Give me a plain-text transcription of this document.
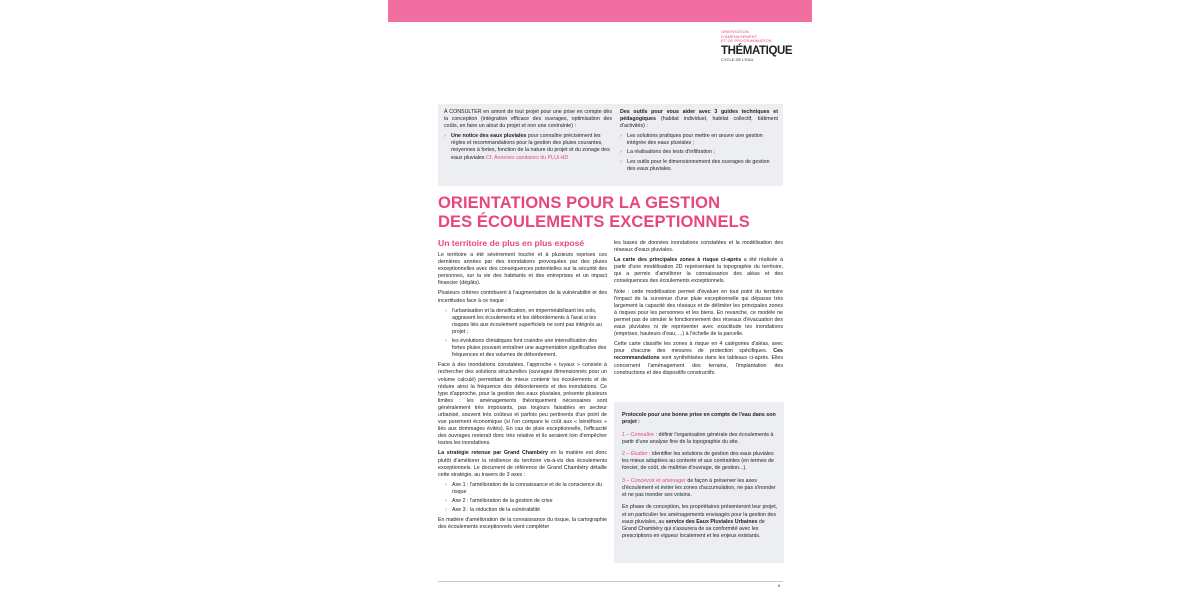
ORIENTATION D'AMÉNAGEMENT
ET DE PROGRAMMATION
THÉMATIQUE
CYCLE DE L'EAU

À CONSULTER en amont de tout projet pour une prise en compte dès la conception (intégration efficace des ouvrages, optimisation des coûts, en faire un atout du projet et non une contrainte) :

› Une notice des eaux pluviales pour connaître précisément les règles et recommandations pour la gestion des pluies courantes, moyennes à fortes, fonction de la nature du projet et du zonage des eaux pluviales Cf. Annexes sanitaires du PLUi HD

Des outils pour vous aider avec 3 guides techniques et pédagogiques (habitat individuel, habitat collectif, bâtiment d'activités) :

› Les solutions pratiques pour mettre en œuvre une gestion intégrée des eaux pluviales ;
› La réalisations des tests d'infiltration ;
› Les outils pour le dimensionnement des ouvrages de gestion des eaux pluviales.
ORIENTATIONS POUR LA GESTION
DES ÉCOULEMENTS EXCEPTIONNELS
Un territoire de plus en plus exposé

Le territoire a été sévèrement touché et à plusieurs reprises ces dernières années par des inondations provoquées par des pluies exceptionnelles avec des conséquences potentielles sur la sécurité des personnes, sur la vie des habitants et des entreprises et un impact financier (dégâts).

Plusieurs critères contribuent à l'augmentation de la vulnérabilité et des incertitudes face à ce risque :

› l'urbanisation et la densification, en imperméabilisant les sols, aggravent les écoulements et les débordements à l'aval si les risques liés aux écoulement superficiels ne sont pas intégrés au projet ;
› les évolutions climatiques font craindre une intensification des fortes pluies pouvant entraîner une augmentation significative des fréquences et des volumes de débordement.

Face à des inondations constatées, l'approche « tuyaux » consiste à rechercher des solutions structurelles (ouvrages dimensionnés pour un volume calculé) permettant de mieux contenir les écoulements et de réduire ainsi la fréquence des débordements et des inondations. Ce type d'approche, pour la gestion des eaux pluviales, présente plusieurs limites : les aménagements théoriquement nécessaires sont généralement très imposants, pas toujours faisables en secteur urbanisé, souvent très coûteux et parfois peu pertinents d'un point de vue purement économique (si l'on compare le coût aux « bénéfices » liés aux dommages évités). En cas de pluie exceptionnelle, l'efficacité des ouvrages resterait donc très relative et ils seraient loin d'empêcher toutes les inondations.

La stratégie retenue par Grand Chambéry en la matière est donc plutôt d'améliorer la résilience du territoire vis-à-vis des écoulements exceptionnels. Le document de référence de Grand Chambéry détaille cette stratégie, au travers de 3 axes :

› Axe 1 : l'amélioration de la connaissance et de la conscience du risque
› Axe 2 : l'amélioration de la gestion de crise
› Axe 3 : la réduction de la vulnérabilité

En matière d'amélioration de la connaissance du risque, la cartographie des écoulements exceptionnels vient compléter

les bases de données inondations constatées et la modélisation des réseaux d'eaux pluviales.

La carte des principales zones à risque ci-après a été réalisée à partir d'une modélisation 2D représentant la topographie du territoire, qui a permis d'améliorer la connaissance des aléas et des conséquences des écoulements exceptionnels.

Note : cette modélisation permet d'évaluer en tout point du territoire l'impact de la survenue d'une pluie exceptionnelle qui dépasse très largement la capacité des réseaux et de délimiter les principales zones à risques pour les personnes et les biens. En revanche, ce modèle ne permet pas de simuler le fonctionnement des réseaux d'évacuation des eaux pluviales ni de représenter avec exactitude les inondations (emprises, hauteurs d'eau, ...) à l'échelle de la parcelle.

Cette carte classifie les zones à risque en 4 catégories d'aléas, avec pour chacune des mesures de protection spécifiques. Ces recommandations sont synthétisées dans les tableaux ci-après. Elles concernent l'aménagement des terrains, l'implantation des constructions et des dispositifs constructifs.

Protocole pour une bonne prise en compte de l'eau dans son projet :

1 – Connaître : définir l'organisation générale des écoulements à partir d'une analyse fine de la topographie du site.

2 – Étudier : identifier les solutions de gestion des eaux pluviales les mieux adaptées au contexte et aux contraintes (en termes de foncier, de coût, de maîtrise d'ouvrage, de gestion...).

3 – Concevoir et aménager de façon à préserver les axes d'écoulement et éviter les zones d'accumulation, ne pas s'inonder et ne pas inonder ses voisins.

En phase de conception, les propriétaires présenteront leur projet, et en particulier les aménagements envisagés pour la gestion des eaux pluviales, au service des Eaux Pluviales Urbaines de Grand Chambéry qui s'assurera de sa conformité avec les prescriptions en vigueur localement et les enjeux existants.

8
